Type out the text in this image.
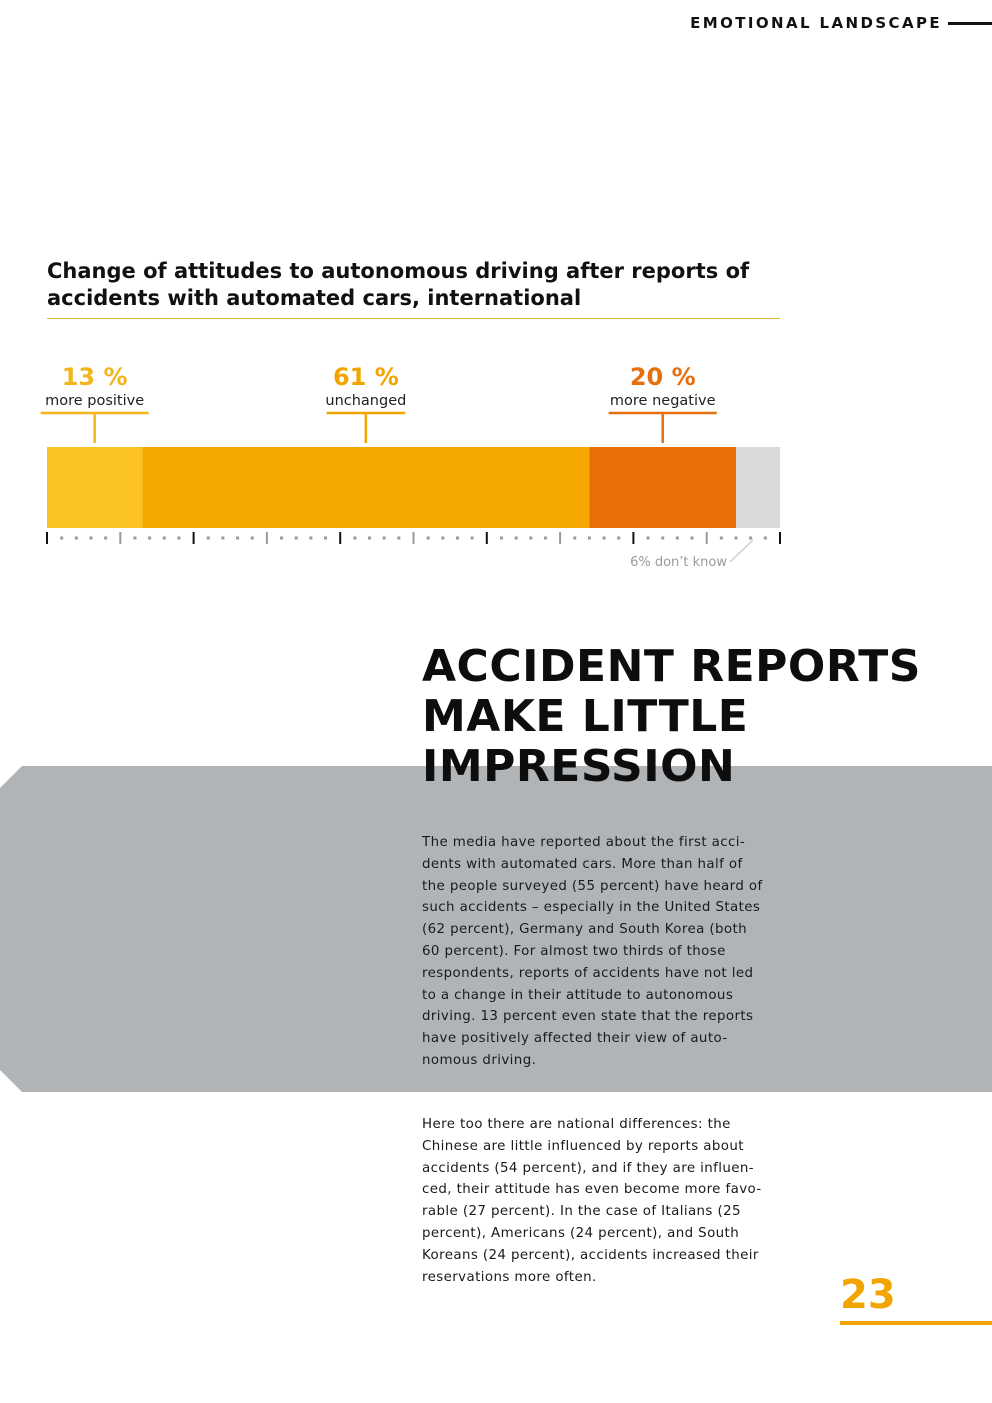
EMOTIONAL LANDSCAPE
Change of attitudes to autonomous driving after reports of
accidents with automated cars, international
13 %
more positive
61 %
unchanged
20 %
more negative
6% don’t know
ACCIDENT REPORTS
MAKE LITTLE
IMPRESSION
The media have reported about the first acci-
dents with automated cars. More than half of
the people surveyed (55 percent) have heard of
such accidents – especially in the United States
(62 percent), Germany and South Korea (both
60 percent). For almost two thirds of those
respondents, reports of accidents have not led
to a change in their attitude to autonomous
driving. 13 percent even state that the reports
have positively affected their view of auto-
nomous driving.
Here too there are national differences: the
Chinese are little influenced by reports about
accidents (54 percent), and if they are influen-
ced, their attitude has even become more favo-
rable (27 percent). In the case of Italians (25
percent), Americans (24 percent), and South
Koreans (24 percent), accidents increased their
reservations more often.	23
